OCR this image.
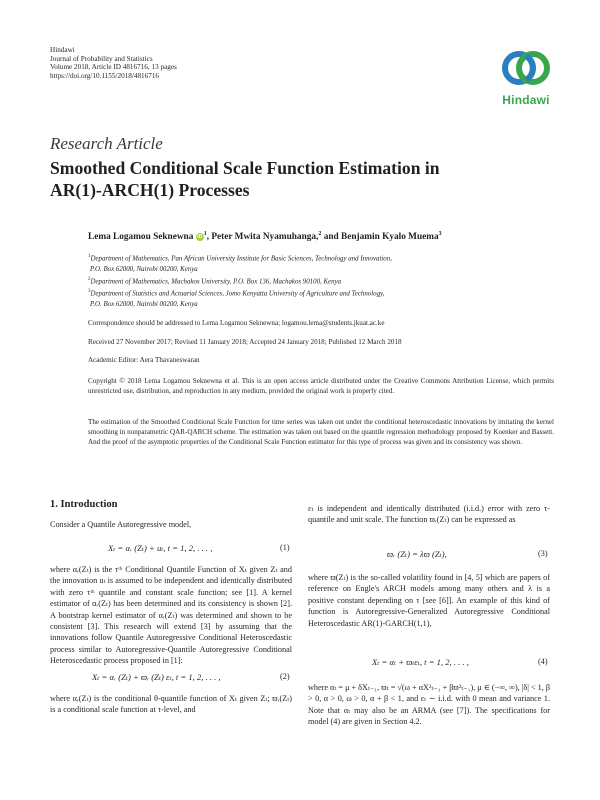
Hindawi
Journal of Probability and Statistics
Volume 2018, Article ID 4816716, 13 pages
https://doi.org/10.1155/2018/4816716
Hindawi
Research Article
Smoothed Conditional Scale Function Estimation in
AR(1)-ARCH(1) Processes
Lema Logamou Seknewna $iD^1$, Peter Mwita Nyamuhanga,$^2$ and Benjamin Kyalo Muema$^3$
$^1$Department of Mathematics, Pan African University Institute for Basic Sciences, Technology and Innovation,
P.O. Box 62000, Nairobi 00200, Kenya
$^2$Department of Mathematics, Machakos University, P.O. Box 136, Machakos 90100, Kenya
$^3$Department of Statistics and Actuarial Sciences, Jomo Kenyatta University of Agriculture and Technology,
P.O. Box 62000, Nairobi 00200, Kenya
Correspondence should be addressed to Lema Logamou Seknewna; logamou.lema@students.jkuat.ac.ke
Received 27 November 2017; Revised 11 January 2018; Accepted 24 January 2018; Published 12 March 2018
Academic Editor: Aera Thavaneswaran
Copyright © 2018 Lema Logamou Seknewna et al. This is an open access article distributed under the Creative Commons Attribution License, which permits unrestricted use, distribution, and reproduction in any medium, provided the original work is properly cited.
The estimation of the Smoothed Conditional Scale Function for time series was taken out under the conditional heteroscedastic innovations by imitating the kernel smoothing in nonparametric QAR-QARCH scheme. The estimation was taken out based on the quantile regression methodology proposed by Koenker and Bassett. And the proof of the asymptotic properties of the Conditional Scale Function estimator for this type of process was given and its consistency was shown.
1. Introduction

Consider a Quantile Autoregressive model,

Xₜ = αᵣ (Zₜ) + uₜ, t = 1, 2, . . . ,	(1)
where αᵣ(Zₜ) is the τᵗʰ Conditional Quantile Function of Xₜ given Zₜ and the innovation uₜ is assumed to be independent and identically distributed with zero τᵗʰ quantile and constant scale function; see [1]. A kernel estimator of αᵣ(Zₜ) has been determined and its consistency is shown [2]. A bootstrap kernel estimator of αᵣ(Zₜ) was determined and shown to be consistent [3]. This research will extend [3] by assuming that the innovations follow Quantile Autoregressive Conditional Heteroscedastic process similar to Autoregressive-Quantile Autoregressive Conditional Heteroscedastic process proposed in [1]:
Xₜ = αᵣ (Zₜ) + ϖᵣ (Zₜ) εₜ, t = 1, 2, . . . ,	(2)
where αᵣ(Zₜ) is the conditional θ-quantile function of Xₜ given Zₜ; ϖᵣ(Zₜ) is a conditional scale function at τ-level, and
εₜ is independent and identically distributed (i.i.d.) error with zero τ-quantile and unit scale. The function ϖᵣ(Zₜ) can be expressed as
ϖᵣ (Zₜ) = λϖ (Zₜ),	(3)
where ϖ(Zₜ) is the so-called volatility found in [4, 5] which are papers of reference on Engle's ARCH models among many others and λ is a positive constant depending on τ [see [6]]. An example of this kind of function is Autoregressive-Generalized Autoregressive Conditional Heteroscedastic AR(1)-GARCH(1,1),
Xₜ = αₜ + ϖₜεₜ, t = 1, 2, . . . ,	(4)
where αₜ = μ + δXₜ₋₁, ϖₜ = √(ω + αX²ₜ₋₁ + βϖ²ₜ₋₁), μ ∈ (−∞, ∞), |δ| < 1, β > 0, α > 0, ω > 0, α + β < 1, and εₜ ∼ i.i.d. with 0 mean and variance 1. Note that αₜ may also be an ARMA (see [7]). The specifications for model (4) are given in Section 4.2.
